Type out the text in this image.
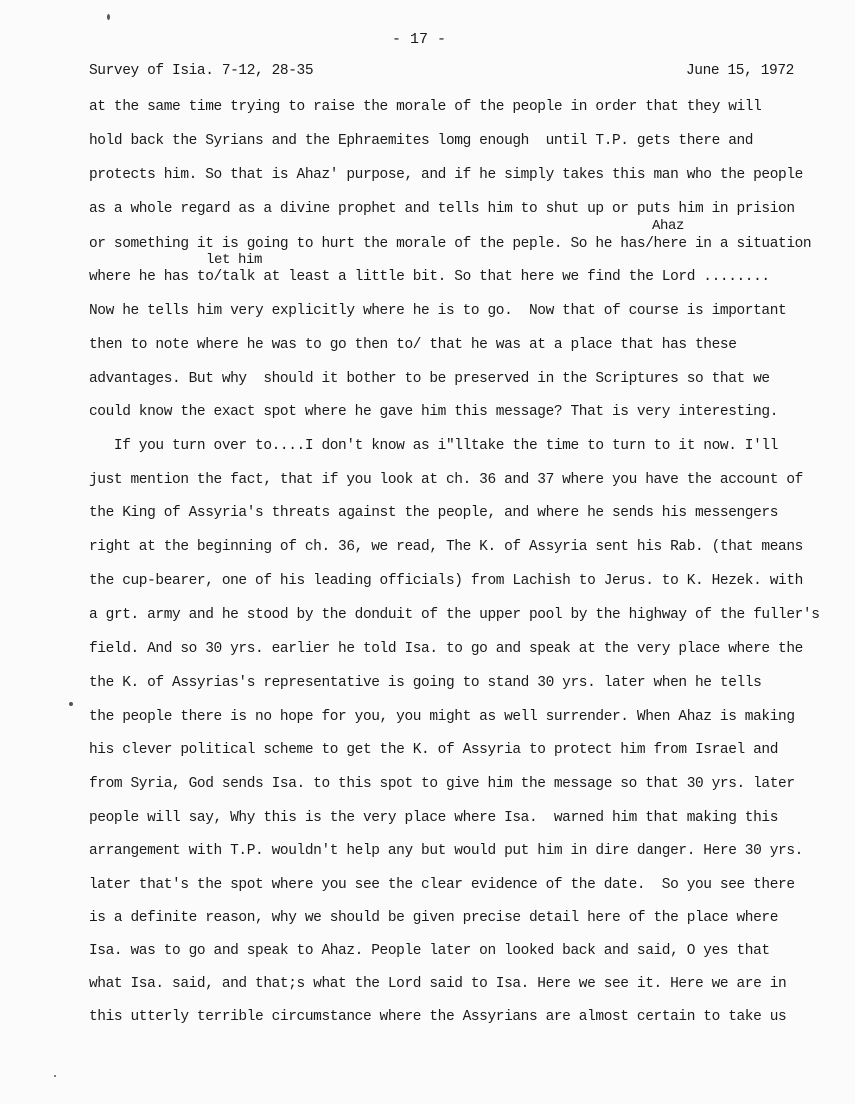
- 17 -
Survey of Isia. 7-12, 28-35	June 15, 1972
Ahaz
let him
at the same time trying to raise the morale of the people in order that they will
hold back the Syrians and the Ephraemites lomg enough  until T.P. gets there and
protects him. So that is Ahaz' purpose, and if he simply takes this man who the people
as a whole regard as a divine prophet and tells him to shut up or puts him in prision
or something it is going to hurt the morale of the peple. So he has/here in a situation
where he has to/talk at least a little bit. So that here we find the Lord ........
Now he tells him very explicitly where he is to go.  Now that of course is important
then to note where he was to go then to/ that he was at a place that has these
advantages. But why  should it bother to be preserved in the Scriptures so that we
could know the exact spot where he gave him this message? That is very interesting.
If you turn over to....I don't know as i"lltake the time to turn to it now. I'll
just mention the fact, that if you look at ch. 36 and 37 where you have the account of
the King of Assyria's threats against the people, and where he sends his messengers
right at the beginning of ch. 36, we read, The K. of Assyria sent his Rab. (that means
the cup-bearer, one of his leading officials) from Lachish to Jerus. to K. Hezek. with
a grt. army and he stood by the donduit of the upper pool by the highway of the fuller's
field. And so 30 yrs. earlier he told Isa. to go and speak at the very place where the
the K. of Assyrias's representative is going to stand 30 yrs. later when he tells
the people there is no hope for you, you might as well surrender. When Ahaz is making
his clever political scheme to get the K. of Assyria to protect him from Israel and
from Syria, God sends Isa. to this spot to give him the message so that 30 yrs. later
people will say, Why this is the very place where Isa.  warned him that making this
arrangement with T.P. wouldn't help any but would put him in dire danger. Here 30 yrs.
later that's the spot where you see the clear evidence of the date.  So you see there
is a definite reason, why we should be given precise detail here of the place where
Isa. was to go and speak to Ahaz. People later on looked back and said, O yes that
what Isa. said, and that;s what the Lord said to Isa. Here we see it. Here we are in
this utterly terrible circumstance where the Assyrians are almost certain to take us
